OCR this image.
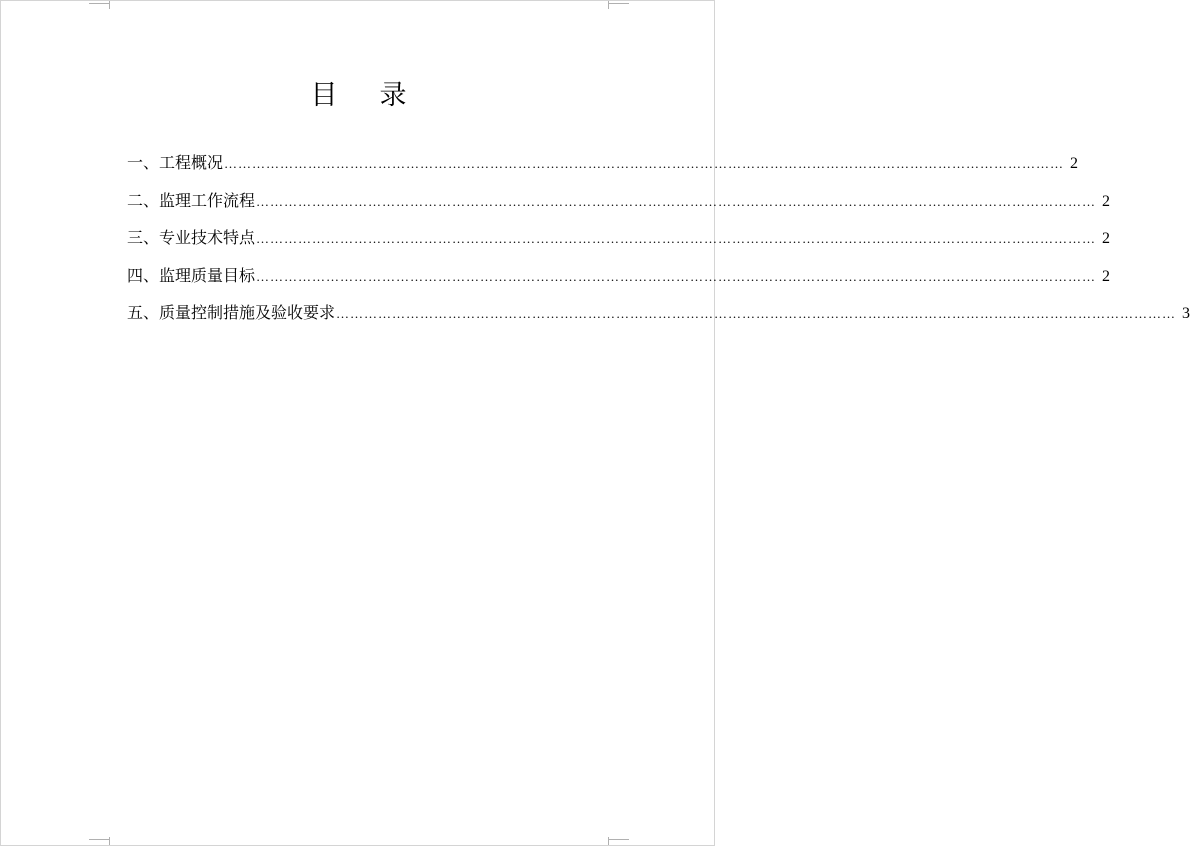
目 录
一、工程概况 ……………………………………………………………………………………………………………………………………………………………… 2
二、监理工作流程 ……………………………………………………………………………………………………………………………………………………………… 2
三、专业技术特点 ……………………………………………………………………………………………………………………………………………………………… 2
四、监理质量目标 ……………………………………………………………………………………………………………………………………………………………… 2
五、质量控制措施及验收要求 ……………………………………………………………………………………………………………………………………………………………… 3
